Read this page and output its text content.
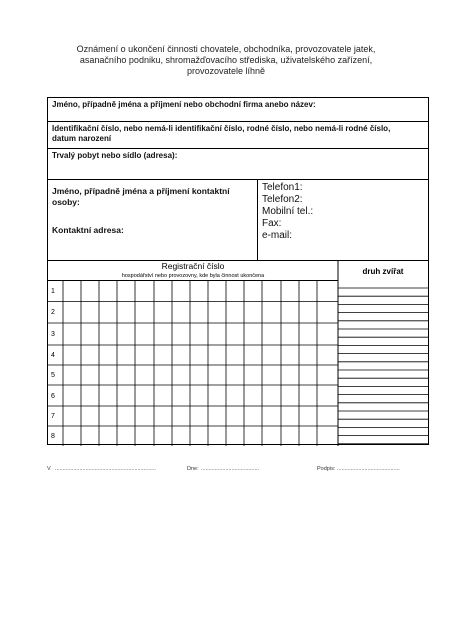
Oznámení o ukončení činnosti chovatele, obchodníka, provozovatele jatek,
asanačního podniku, shromažďovacího střediska, uživatelského zařízení,
provozovatele líhně
Jméno, případně jména a příjmení nebo obchodní firma anebo název:
Identifikační číslo, nebo nemá-li identifikační číslo, rodné číslo, nebo nemá-li rodné číslo,
datum narození
Trvalý pobyt nebo sídlo (adresa):
Jméno, případně jména a příjmení kontaktní
osoby:
Kontaktní adresa:
Telefon1:
Telefon2:
Mobilní tel.:
Fax:
e-mail:
Registrační číslo
hospodářství nebo provozovny, kde byla činnost ukončena	druh zvířat
1
2
3
4
5
6
7
8
V ..................................................................	Dne: ......................................	Podpis: .........................................
